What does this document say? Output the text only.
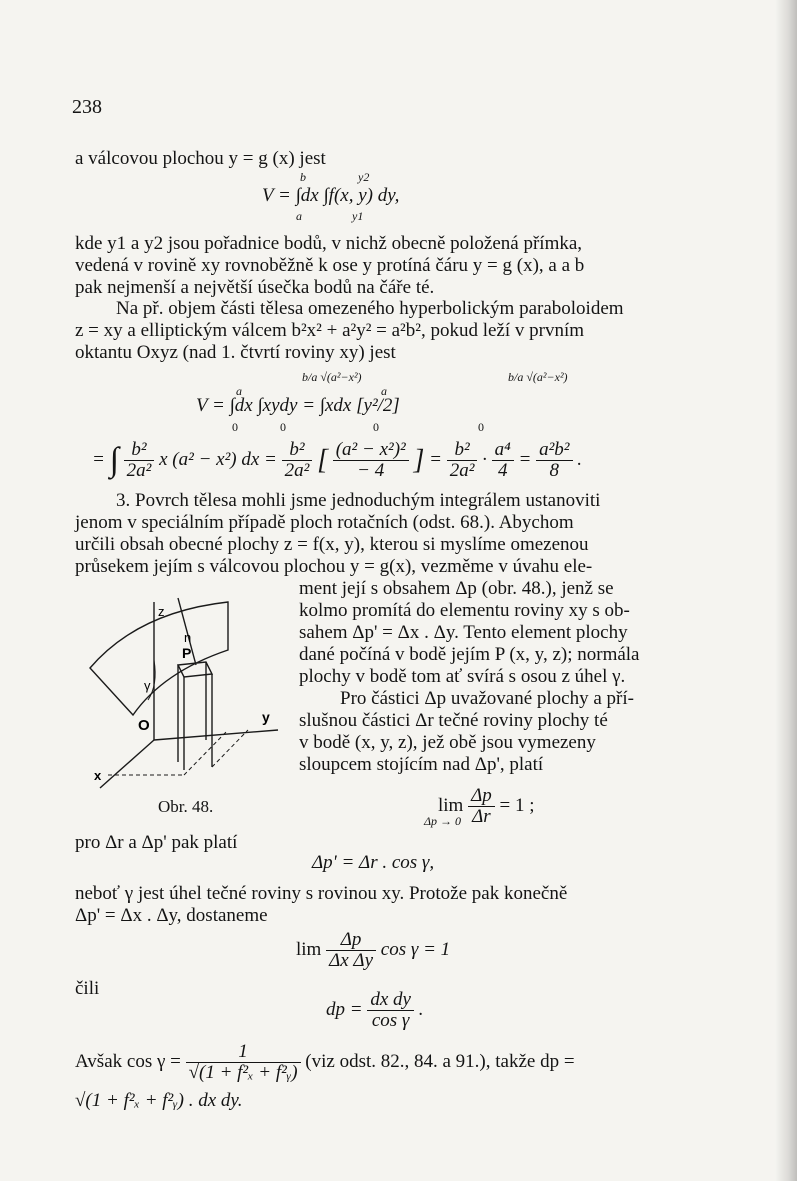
238
a válcovou plochou y = g (x) jest
V = ∫dx ∫f(x, y) dy,
b
a
y2
y1
kde y1 a y2 jsou pořadnice bodů, v nichž obecně položená přímka,
vedená v rovině xy rovnoběžně k ose y protíná čáru y = g (x), a a b
pak nejmenší a největší úsečka bodů na čáře té.
Na př. objem části tělesa omezeného hyperbolickým paraboloidem
z = xy a elliptickým válcem b²x² + a²y² = a²b², pokud leží v prvním
oktantu Oxyz (nad 1. čtvrtí roviny xy) jest
V = ∫dx ∫xydy = ∫xdx [y²/2]
b/a √(a²−x²)	b/a √(a²−x²)
a	a
0	0	0	0
= ∫ $\frac{\text{b²}}{\text{2a²}}$ x (a² − x²) dx = $\frac{\text{b²}}{\text{2a²}}$ [ $\frac{\text{(a² − x²)²}}{- 4}$ ] = $\frac{\text{b²}}{\text{2a²}} \cdot \frac{\text{a⁴}}{4} = \frac{\text{a²b²}}{8}$ .
3. Povrch tělesa mohli jsme jednoduchým integrálem ustanoviti
jenom v speciálním případě ploch rotačních (odst. 68.). Abychom
určili obsah obecné plochy z = f(x, y), kterou si myslíme omezenou
průsekem jejím s válcovou plochou y = g(x), vezměme v úvahu ele-
ment její s obsahem Δp (obr. 48.), jenž se
kolmo promítá do elementu roviny xy s ob-
sahem Δp' = Δx . Δy. Tento element plochy
dané počíná v bodě jejím P (x, y, z); normála
plochy v bodě tom ať svírá s osou z úhel γ.
Pro částici Δp uvažované plochy a pří-
slušnou částici Δr tečné roviny plochy té
v bodě (x, y, z), jež obě jsou vymezeny
sloupcem stojícím nad Δp', platí
z
n
P
γ
O	y
x
Obr. 48.	$\lim \frac{\Delta p}{\Delta r} = 1$ ;
Δp → 0
pro Δr a Δp' pak platí
Δp' = Δr . cos γ,
neboť γ jest úhel tečné roviny s rovinou xy. Protože pak konečně
Δp' = Δx . Δy, dostaneme
$\lim \frac{\Delta p}{\text{Δx Δy}}$ cos γ = 1
čili
dp = $\frac{\text{dx dy}}{\text{cos γ}}$ .
Avšak $\cos \gamma = \frac{1}{\text{√(1 + f²ₓ + f²ᵧ)}} (viz$ odst. 82., 84. a 91.), takže dp =
√(1 + f²ₓ + f²ᵧ) . dx dy.
